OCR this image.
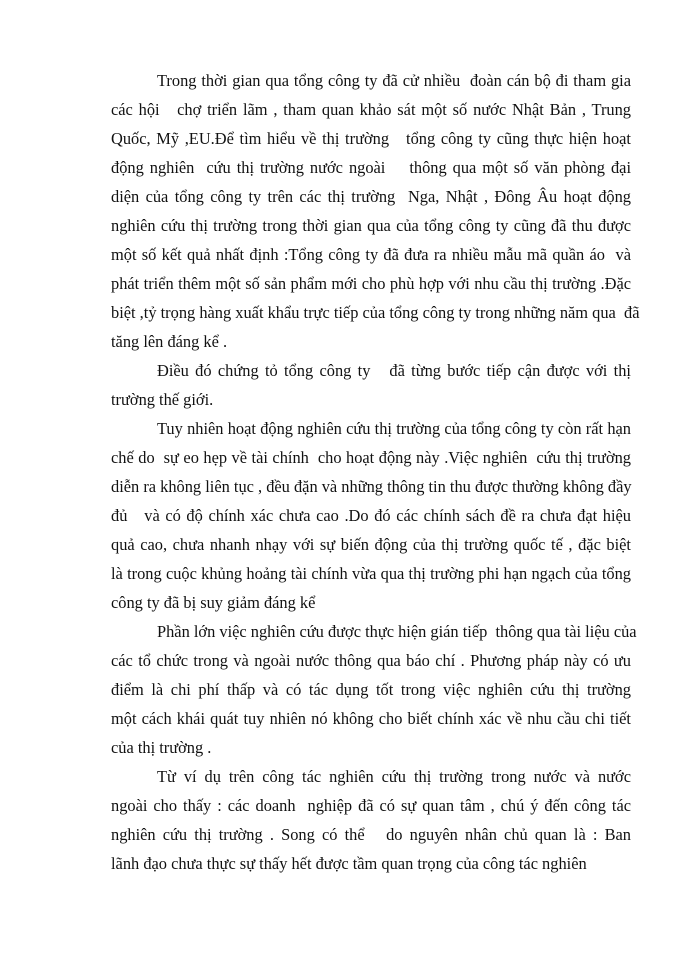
Trong thời gian qua tổng công ty đã cử nhiều  đoàn cán bộ đi tham gia
các hội   chợ triển lãm , tham quan khảo sát một số nước Nhật Bản , Trung
Quốc, Mỹ ,EU.Để tìm hiểu về thị trường   tổng công ty cũng thực hiện hoạt
động nghiên  cứu thị trường nước ngoài    thông qua một số văn phòng đại
diện của tổng công ty trên các thị trường  Nga, Nhật , Đông Âu hoạt động
nghiên cứu thị trường trong thời gian qua của tổng công ty cũng đã thu được
một số kết quả nhất định :Tổng công ty đã đưa ra nhiều mẫu mã quần áo  và
phát triển thêm một số sản phẩm mới cho phù hợp với nhu cầu thị trường .Đặc
biệt ,tỷ trọng hàng xuất khẩu trực tiếp của tổng công ty trong những năm qua  đã
tăng lên đáng kể .
Điều đó chứng tỏ tổng công ty   đã từng bước tiếp cận được với thị
trường thế giới.
Tuy nhiên hoạt động nghiên cứu thị trường của tổng công ty còn rất hạn
chế do  sự eo hẹp về tài chính  cho hoạt động này .Việc nghiên  cứu thị trường
diễn ra không liên tục , đều đặn và những thông tin thu được thường không đầy
đủ   và có độ chính xác chưa cao .Do đó các chính sách đề ra chưa đạt hiệu
quả cao, chưa nhanh nhạy với sự biến động của thị trường quốc tế , đặc biệt
là trong cuộc khủng hoảng tài chính vừa qua thị trường phi hạn ngạch của tổng
công ty đã bị suy giảm đáng kể
Phần lớn việc nghiên cứu được thực hiện gián tiếp  thông qua tài liệu của
các tổ chức trong và ngoài nước thông qua báo chí . Phương pháp này có ưu
điểm là chi phí thấp và có tác dụng tốt trong việc nghiên cứu thị trường
một cách khái quát tuy nhiên nó không cho biết chính xác về nhu cầu chi tiết
của thị trường .
Từ ví dụ trên công tác nghiên cứu thị trường trong nước và nước
ngoài cho thấy : các doanh  nghiệp đã có sự quan tâm , chú ý đến công tác
nghiên cứu thị trường . Song có thể   do nguyên nhân chủ quan là : Ban
lãnh đạo chưa thực sự thấy hết được tầm quan trọng của công tác nghiên
